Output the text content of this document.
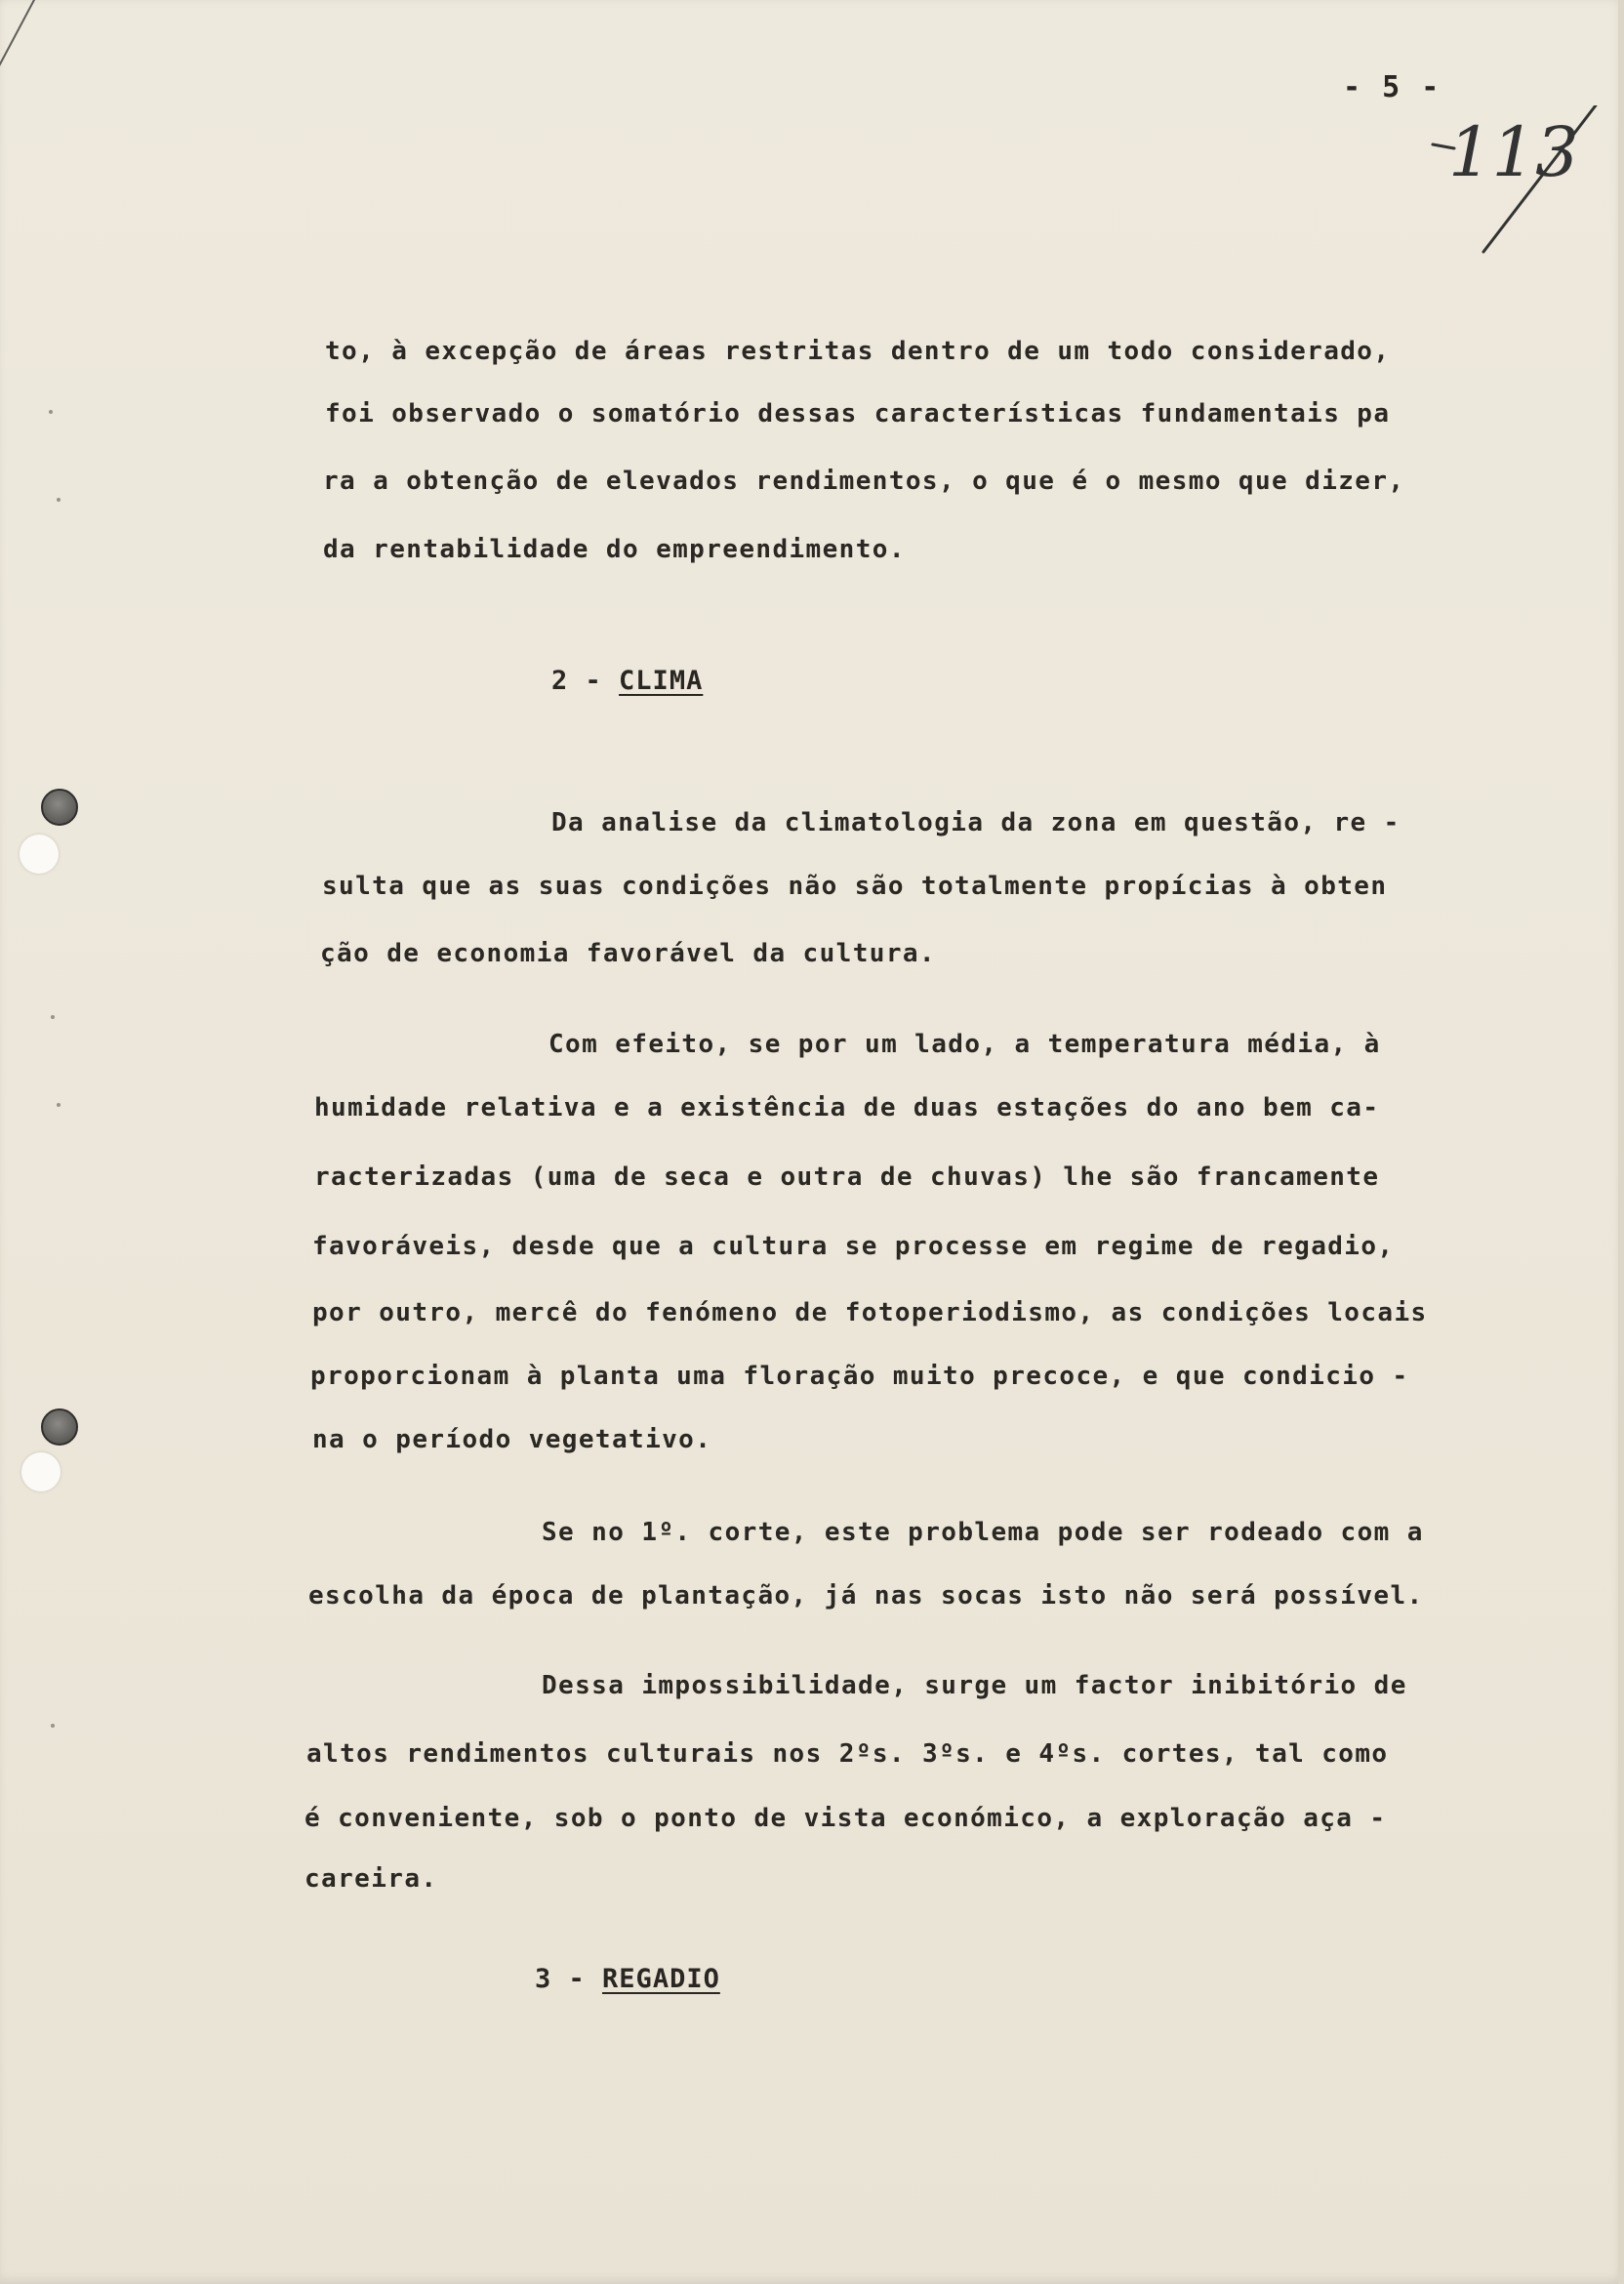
- 5 -
113
to, à excepção de áreas restritas dentro de um todo considerado,
foi observado o somatório dessas características fundamentais pa
ra a obtenção de elevados rendimentos, o que é o mesmo que dizer,
da rentabilidade do empreendimento.
2 - CLIMA
Da analise da climatologia da zona em questão, re -
sulta que as suas condições não são totalmente propícias à obten
ção de economia favorável da cultura.
Com efeito, se por um lado, a temperatura média, à
humidade relativa e a existência de duas estações do ano bem ca-
racterizadas (uma de seca e outra de chuvas) lhe são francamente
favoráveis, desde que a cultura se processe em regime de regadio,
por outro, mercê do fenómeno de fotoperiodismo, as condições locais
proporcionam à planta uma floração muito precoce, e que condicio -
na o período vegetativo.
Se no 1º. corte, este problema pode ser rodeado com a
escolha da época de plantação, já nas socas isto não será possível.
Dessa impossibilidade, surge um factor inibitório de
altos rendimentos culturais nos 2ºs. 3ºs. e 4ºs. cortes, tal como
é conveniente, sob o ponto de vista económico, a exploração aça -
careira.
3 - REGADIO
